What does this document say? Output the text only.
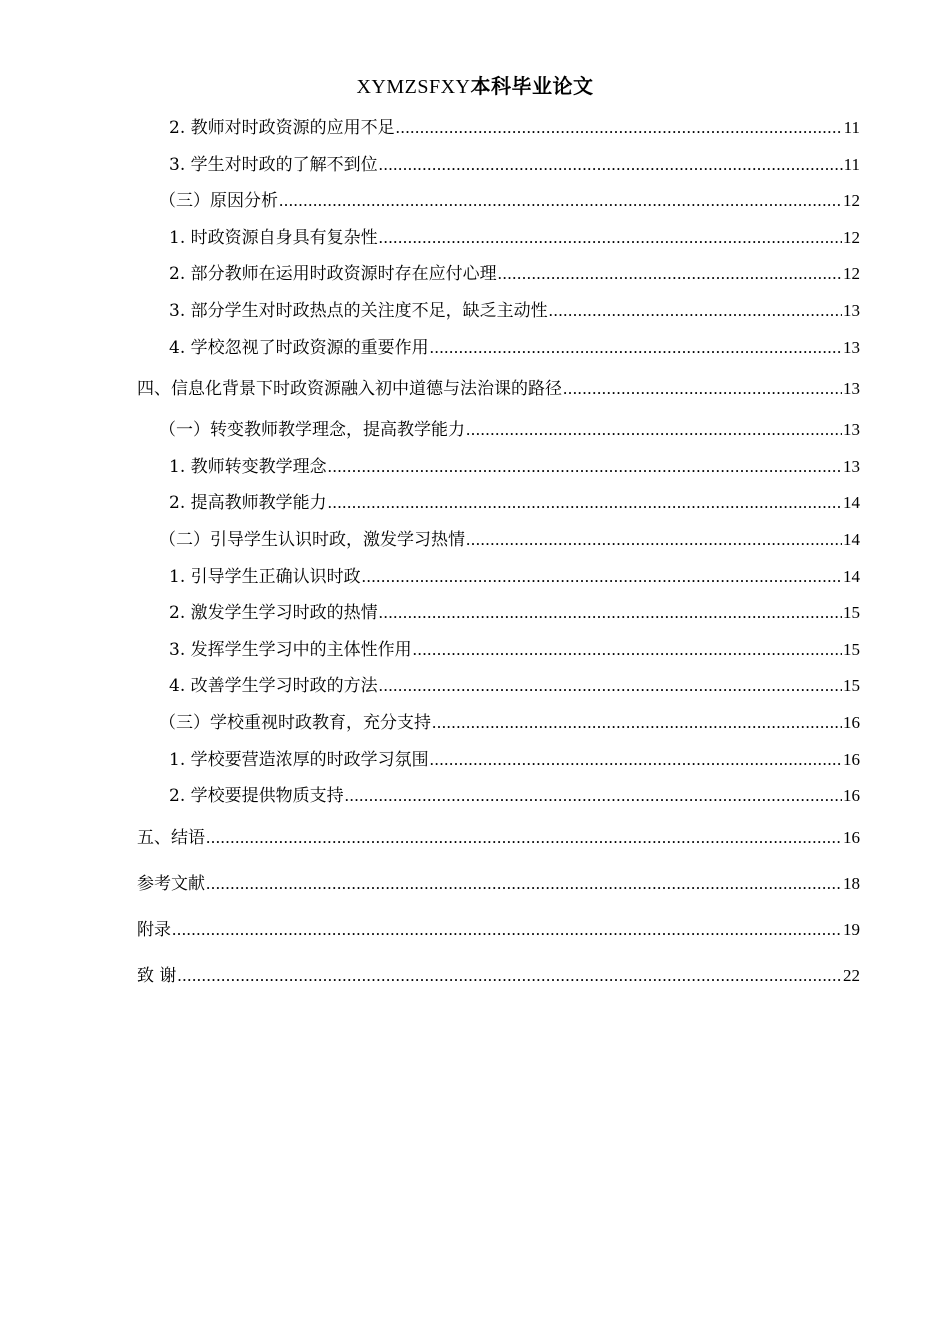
XYMZSFXY本科毕业论文
2. 教师对时政资源的应用不足 .....	11
3. 学生对时政的了解不到位 .....	11
（三）原因分析 .....	12
1. 时政资源自身具有复杂性 .....	12
2. 部分教师在运用时政资源时存在应付心理 .....	12
3. 部分学生对时政热点的关注度不足，缺乏主动性 .....	13
4. 学校忽视了时政资源的重要作用 .....	13
四、信息化背景下时政资源融入初中道德与法治课的路径 .....	13
（一）转变教师教学理念，提高教学能力 .....	13
1. 教师转变教学理念 .....	13
2. 提高教师教学能力 .....	14
（二）引导学生认识时政，激发学习热情 .....	14
1. 引导学生正确认识时政 .....	14
2. 激发学生学习时政的热情 .....	15
3. 发挥学生学习中的主体性作用 .....	15
4. 改善学生学习时政的方法 .....	15
（三）学校重视时政教育，充分支持 .....	16
1. 学校要营造浓厚的时政学习氛围 .....	16
2. 学校要提供物质支持 .....	16
五、结语 .....	16
参考文献 .....	18
附录 .....	19
致 谢 .....	22
